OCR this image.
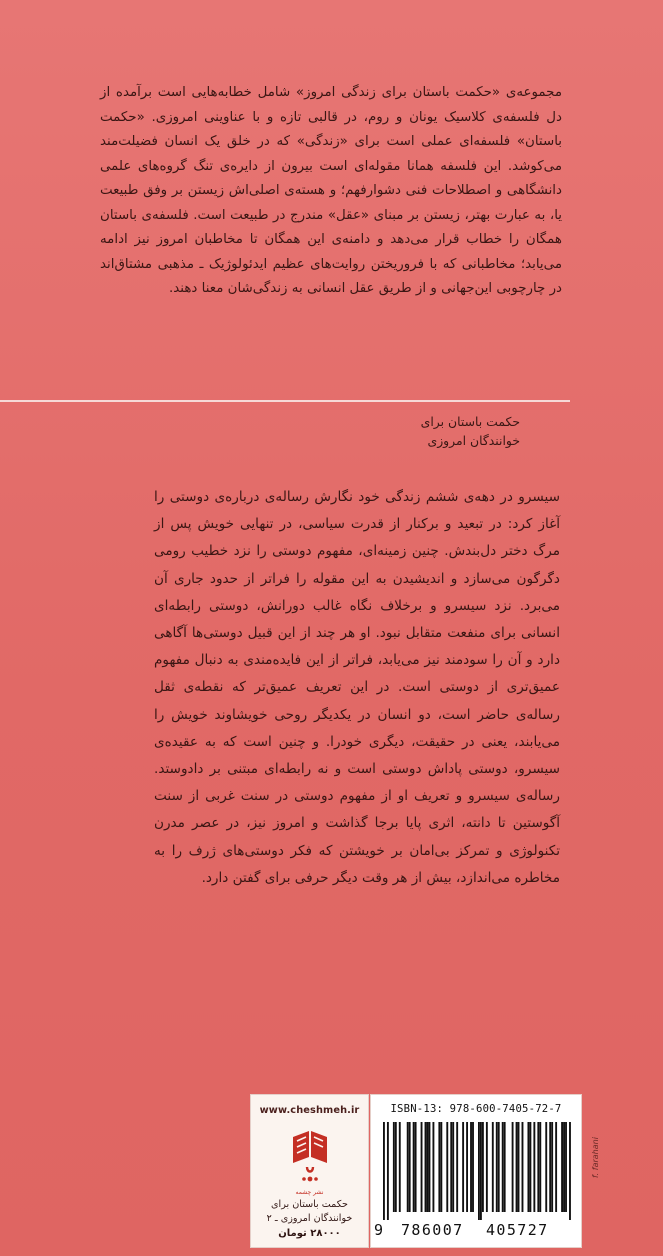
مجموعه‌ی «حکمت باستان برای زندگی امروز» شامل خطابه‌هایی است برآمده از دل فلسفه‌ی کلاسیک یونان و روم، در قالبی تازه و با عناوینی امروزی. «حکمت باستان» فلسفه‌ای عملی است برای «زندگی» که در خلق یک انسان فضیلت‌مند می‌کوشد. این فلسفه همانا مقوله‌ای است بیرون از دایره‌ی تنگ گروه‌های علمی دانشگاهی و اصطلاحات فنی دشوارفهم؛ و هسته‌ی اصلی‌اش زیستن بر وفق طبیعت یا، به عبارت بهتر، زیستن بر مبنای «عقل» مندرج در طبیعت است. فلسفه‌ی باستان همگان را خطاب قرار می‌دهد و دامنه‌ی این همگان تا مخاطبان امروز نیز ادامه می‌یابد؛ مخاطبانی که با فروریختن روایت‌های عظیم ایدئولوژیک ـ مذهبی مشتاق‌اند در چارچوبی این‌جهانی و از طریق عقل انسانی به زندگی‌شان معنا دهند.

حکمت باستان برای
خوانندگان امروزی

سیسرو در دهه‌ی ششم زندگی خود نگارش رساله‌ی درباره‌ی دوستی را آغاز کرد: در تبعید و برکنار از قدرت سیاسی، در تنهایی خویش پس از مرگ دختر دل‌بندش. چنین زمینه‌ای، مفهوم دوستی را نزد خطیب رومی دگرگون می‌سازد و اندیشیدن به این مقوله را فراتر از حدود جاری آن می‌برد. نزد سیسرو و برخلاف نگاه غالب دورانش، دوستی رابطه‌ای انسانی برای منفعت متقابل نبود. او هر چند از این قبیل دوستی‌ها آگاهی دارد و آن را سودمند نیز می‌یابد، فراتر از این فایده‌مندی به دنبال مفهوم عمیق‌تری از دوستی است. در این تعریف عمیق‌تر که نقطه‌ی ثقل رساله‌ی حاضر است، دو انسان در یکدیگر روحی خویشاوند خویش را می‌یابند، یعنی در حقیقت، دیگری خودرا. و چنین است که به عقیده‌ی سیسرو، دوستی پاداش دوستی است و نه رابطه‌ای مبتنی بر دادوستد. رساله‌ی سیسرو و تعریف او از مفهوم دوستی در سنت غربی از سنت آگوستین تا دانته، اثری پایا برجا گذاشت و امروز نیز، در عصر مدرن تکنولوژی و تمرکز بی‌امان بر خویشتن که فکر دوستی‌های ژرف را به مخاطره می‌اندازد، بیش از هر وقت دیگر حرفی برای گفتن دارد.

www.cheshmeh.ir
نشر چشمه
حکمت باستان برای
خوانندگان امروزی ـ ۲
۲۸۰۰۰ تومان
ISBN-13: 978-600-7405-72-7
9 786007 405727
f. farahani
